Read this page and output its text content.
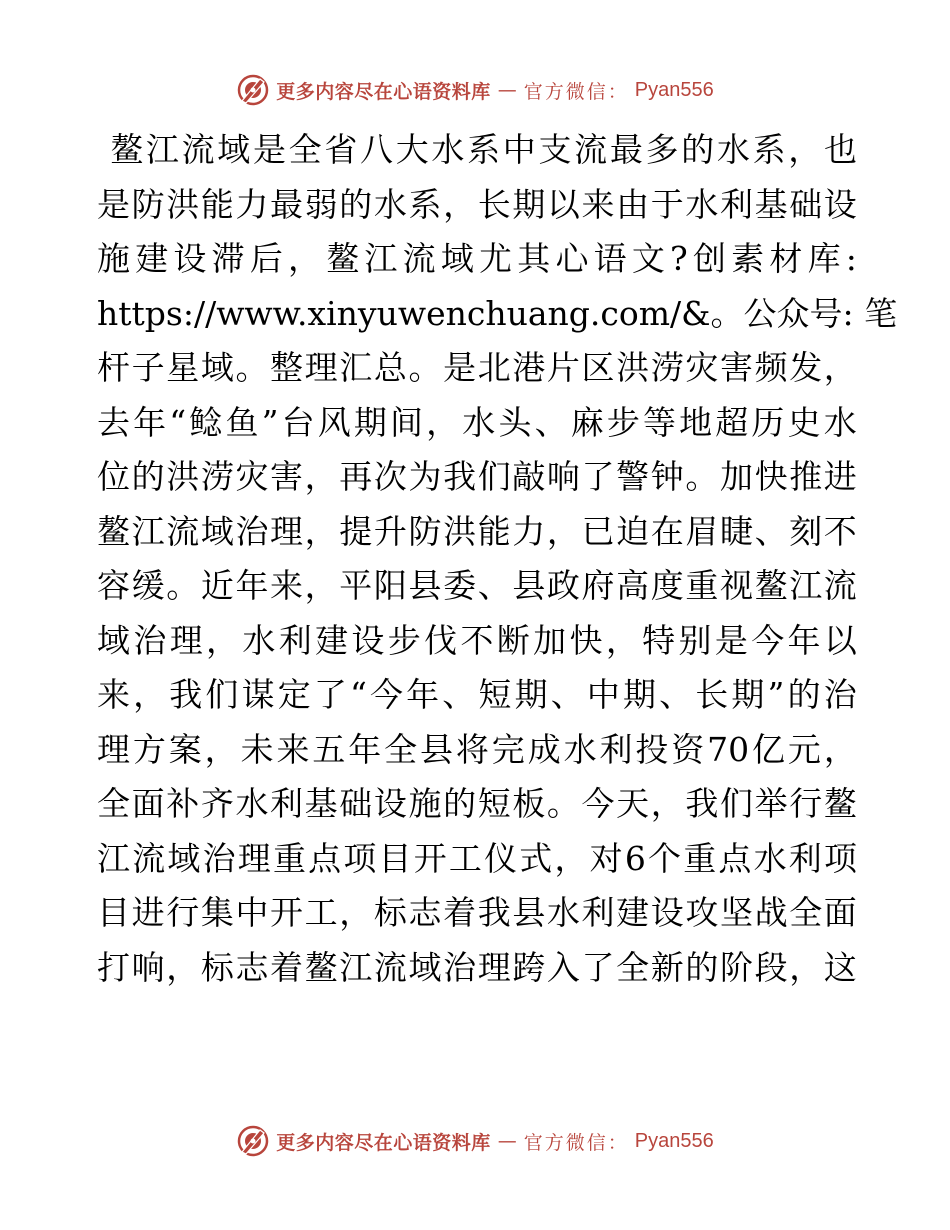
更多内容尽在心语资料库 — 官方微信： Pyan556

鳌 江 流 域 是 全 省 八 大 水 系 中 支 流 最 多 的 水 系 ， 也
是 防 洪 能 力 最 弱 的 水 系 ， 长 期 以 来 由 于 水 利 基 础 设
施 建 设 滞 后 ， 鳌 江 流 域 尤 其 心 语 文 ? 创 素 材 库 :
https://www.xinyuwenchuang.com/& 。 公 众 号 :
笔
杆 子 星 域 。 整 理 汇 总 。 是 北 港 片 区 洪 涝 灾 害 频 发 ，
去 年 “ 鲶 鱼 ” 台 风 期 间 ， 水 头 、 麻 步 等 地 超 历 史 水
位 的 洪 涝 灾 害 ， 再 次 为 我 们 敲 响 了 警 钟 。 加 快 推 进
鳌 江 流 域 治 理 ， 提 升 防 洪 能 力 ， 已 迫 在 眉 睫 、 刻 不
容 缓 。 近 年 来 ， 平 阳 县 委 、 县 政 府 高 度 重 视 鳌 江 流
域 治 理 ， 水 利 建 设 步 伐 不 断 加 快 ， 特 别 是 今 年 以
来 ， 我 们 谋 定 了 “ 今 年 、 短 期 、 中 期 、 长 期 ” 的 治
理 方 案 ， 未 来 五 年 全 县 将 完 成 水 利 投 资 70 亿 元 ，
全 面 补 齐 水 利 基 础 设 施 的 短 板 。 今 天 ， 我 们 举 行 鳌
江 流 域 治 理 重 点 项 目 开 工 仪 式 ， 对 6 个 重 点 水 利 项
目 进 行 集 中 开 工 ， 标 志 着 我 县 水 利 建 设 攻 坚 战 全 面
打 响 ， 标 志 着 鳌 江 流 域 治 理 跨 入 了 全 新 的 阶 段 ， 这
更多内容尽在心语资料库 — 官方微信： Pyan556
